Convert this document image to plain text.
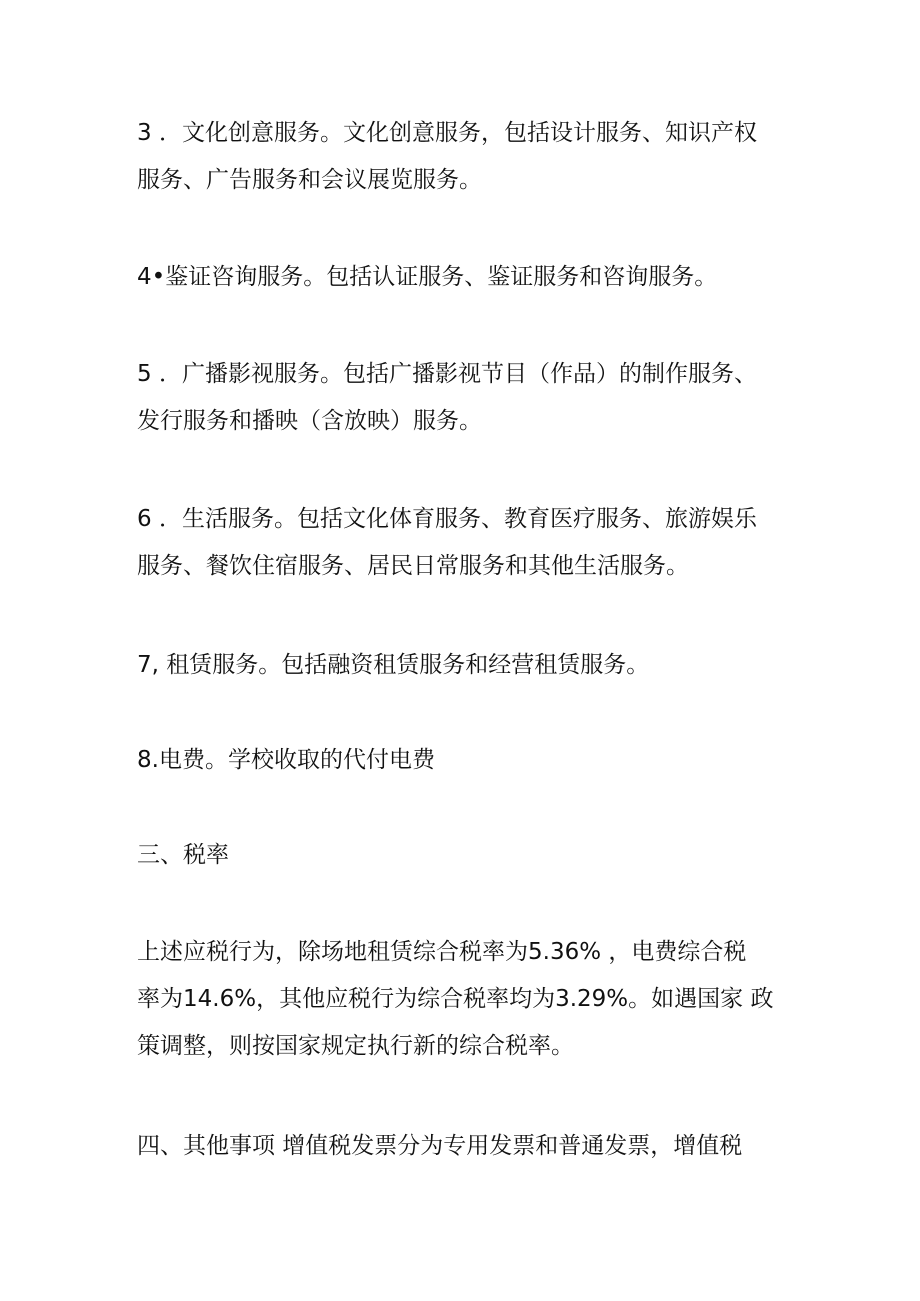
3 ．文化创意服务。文化创意服务，包括设计服务、知识产权
服务、广告服务和会议展览服务。

4•鉴证咨询服务。包括认证服务、鉴证服务和咨询服务。

5 ．广播影视服务。包括广播影视节目（作品）的制作服务、
发行服务和播映（含放映）服务。

6 ．生活服务。包括文化体育服务、教育医疗服务、旅游娱乐
服务、餐饮住宿服务、居民日常服务和其他生活服务。

7, 租赁服务。包括融资租赁服务和经营租赁服务。

8.电费。学校收取的代付电费

三、税率

上述应税行为，除场地租赁综合税率为5.36% ，电费综合税
率为14.6%，其他应税行为综合税率均为3.29%。如遇国家 政
策调整，则按国家规定执行新的综合税率。

四、其他事项 增值税发票分为专用发票和普通发票，增值税
